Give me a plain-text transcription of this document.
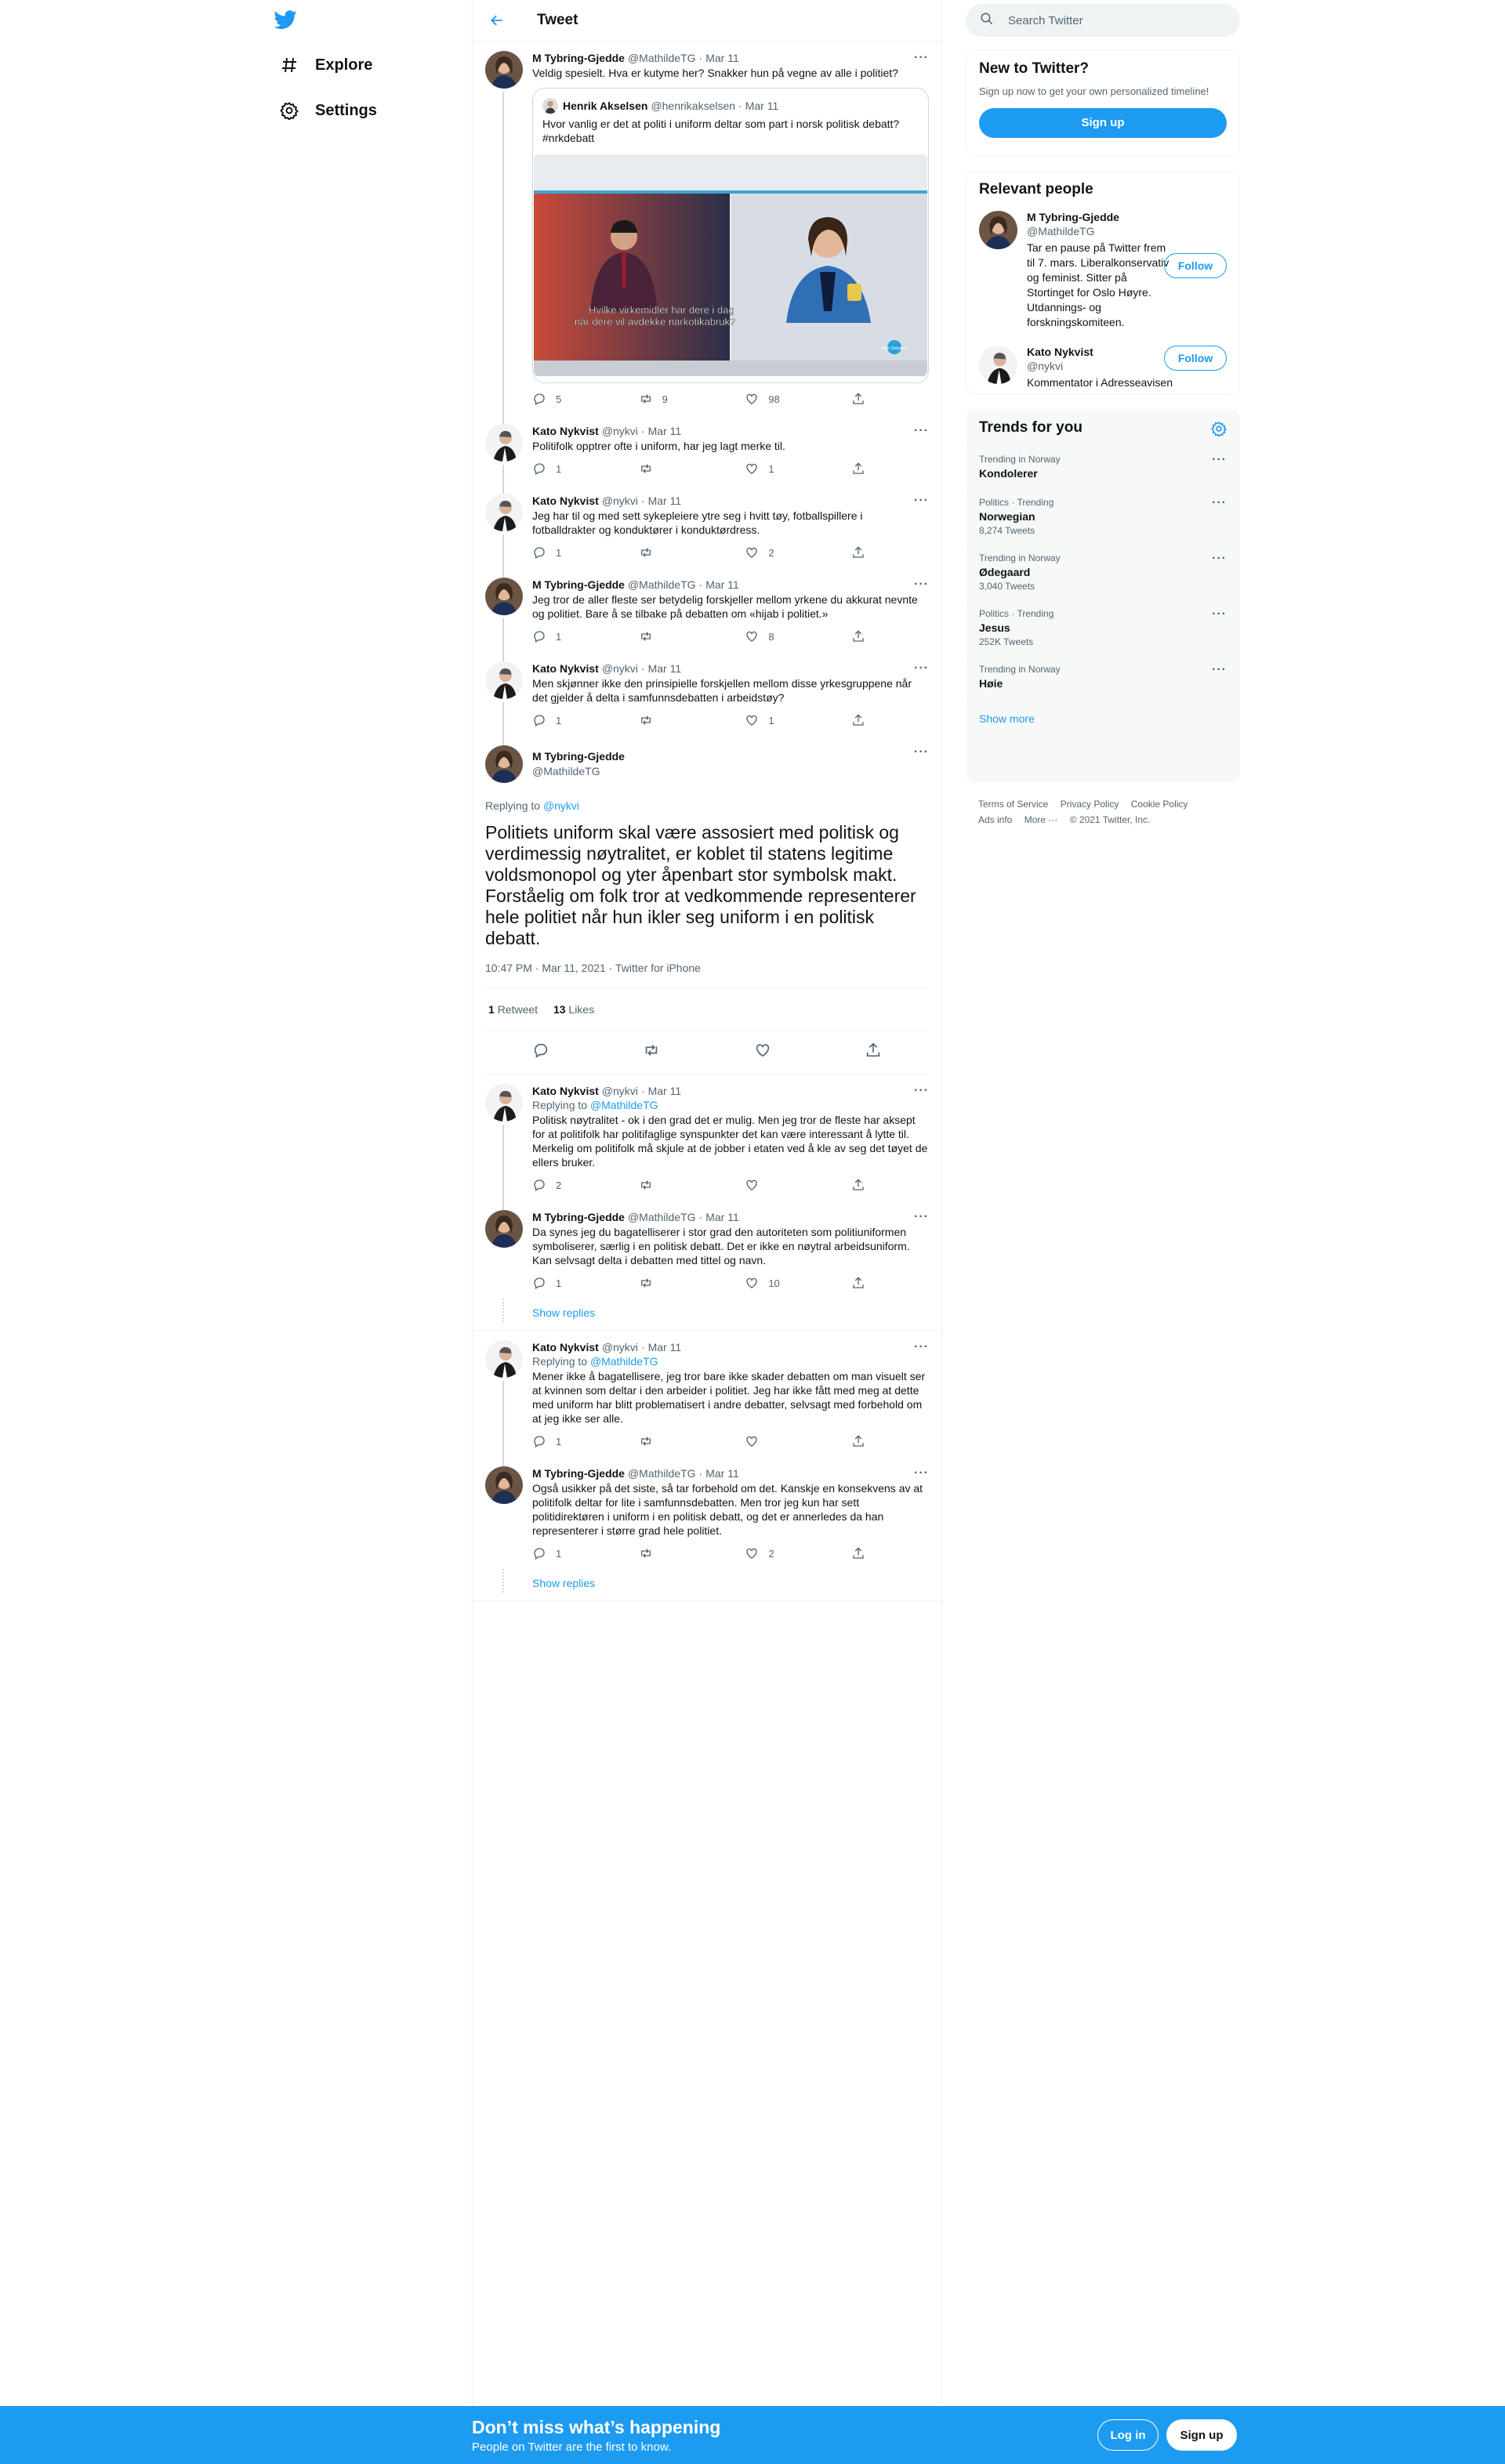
Explore
Settings
Tweet
M Tybring-Gjedde @MathildeTG · Mar 11
Veldig spesielt. Hva er kutyme her? Snakker hun på vegne av alle i politiet?
Henrik Akselsen @henrikakselsen · Mar 11
Hvor vanlig er det at politi i uniform deltar som part i norsk politisk debatt? #nrkdebatt
NRK Debatten
Hvilke virkemidler har dere i dag
når dere vil avdekke narkotikabruk?
5	9	98
···
Kato Nykvist @nykvi · Mar 11
Politifolk opptrer ofte i uniform, har jeg lagt merke til.
1	1
···
Kato Nykvist @nykvi · Mar 11
Jeg har til og med sett sykepleiere ytre seg i hvitt tøy, fotballspillere i fotballdrakter og konduktører i konduktørdress.
1	2
···
M Tybring-Gjedde @MathildeTG · Mar 11
Jeg tror de aller fleste ser betydelig forskjeller mellom yrkene du akkurat nevnte og politiet. Bare å se tilbake på debatten om «hijab i politiet.»
1	8
···
Kato Nykvist @nykvi · Mar 11
Men skjønner ikke den prinsipielle forskjellen mellom disse yrkesgruppene når det gjelder å delta i samfunnsdebatten i arbeidstøy?
1	1
···
M Tybring-Gjedde
@MathildeTG
···
Replying to @nykvi
Politiets uniform skal være assosiert med politisk og verdimessig nøytralitet, er koblet til statens legitime voldsmonopol og yter åpenbart stor symbolsk makt. Forståelig om folk tror at vedkommende representerer hele politiet når hun ikler seg uniform i en politisk debatt.
10:47 PM · Mar 11, 2021 · Twitter for iPhone
1 Retweet 13 Likes
Kato Nykvist @nykvi · Mar 11
Replying to @MathildeTG
Politisk nøytralitet - ok i den grad det er mulig. Men jeg tror de fleste har aksept for at politifolk har politifaglige synspunkter det kan være interessant å lytte til. Merkelig om politifolk må skjule at de jobber i etaten ved å kle av seg det tøyet de ellers bruker.
2
···
M Tybring-Gjedde @MathildeTG · Mar 11
Da synes jeg du bagatelliserer i stor grad den autoriteten som politiuniformen symboliserer, særlig i en politisk debatt. Det er ikke en nøytral arbeidsuniform. Kan selvsagt delta i debatten med tittel og navn.
1	10
···
Show replies
Kato Nykvist @nykvi · Mar 11
Replying to @MathildeTG
Mener ikke å bagatellisere, jeg tror bare ikke skader debatten om man visuelt ser at kvinnen som deltar i den arbeider i politiet. Jeg har ikke fått med meg at dette med uniform har blitt problematisert i andre debatter, selvsagt med forbehold om at jeg ikke ser alle.
1
···
M Tybring-Gjedde @MathildeTG · Mar 11
Også usikker på det siste, så tar forbehold om det. Kanskje en konsekvens av at politifolk deltar for lite i samfunnsdebatten. Men tror jeg kun har sett politidirektøren i uniform i en politisk debatt, og det er annerledes da han representerer i større grad hele politiet.
1	2
···
Show replies
Search Twitter
New to Twitter?
Sign up now to get your own personalized timeline!
Sign up
Relevant people
M Tybring-Gjedde
@MathildeTG
Tar en pause på Twitter frem til 7. mars. Liberalkonservativ og feminist. Sitter på Stortinget for Oslo Høyre. Utdannings- og forskningskomiteen.
Follow
Kato Nykvist
@nykvi
Kommentator i Adresseavisen
Follow
Trends for you
Trending in Norway
Kondolerer
···
Politics · Trending
Norwegian
8,274 Tweets
···
Trending in Norway
Ødegaard
3,040 Tweets
···
Politics · Trending
Jesus
252K Tweets
···
Trending in Norway
Høie
···
Show more
Terms of Service Privacy Policy Cookie Policy
Ads info More ··· © 2021 Twitter, Inc.
Don’t miss what’s happening
People on Twitter are the first to know.
Log in	Sign up
